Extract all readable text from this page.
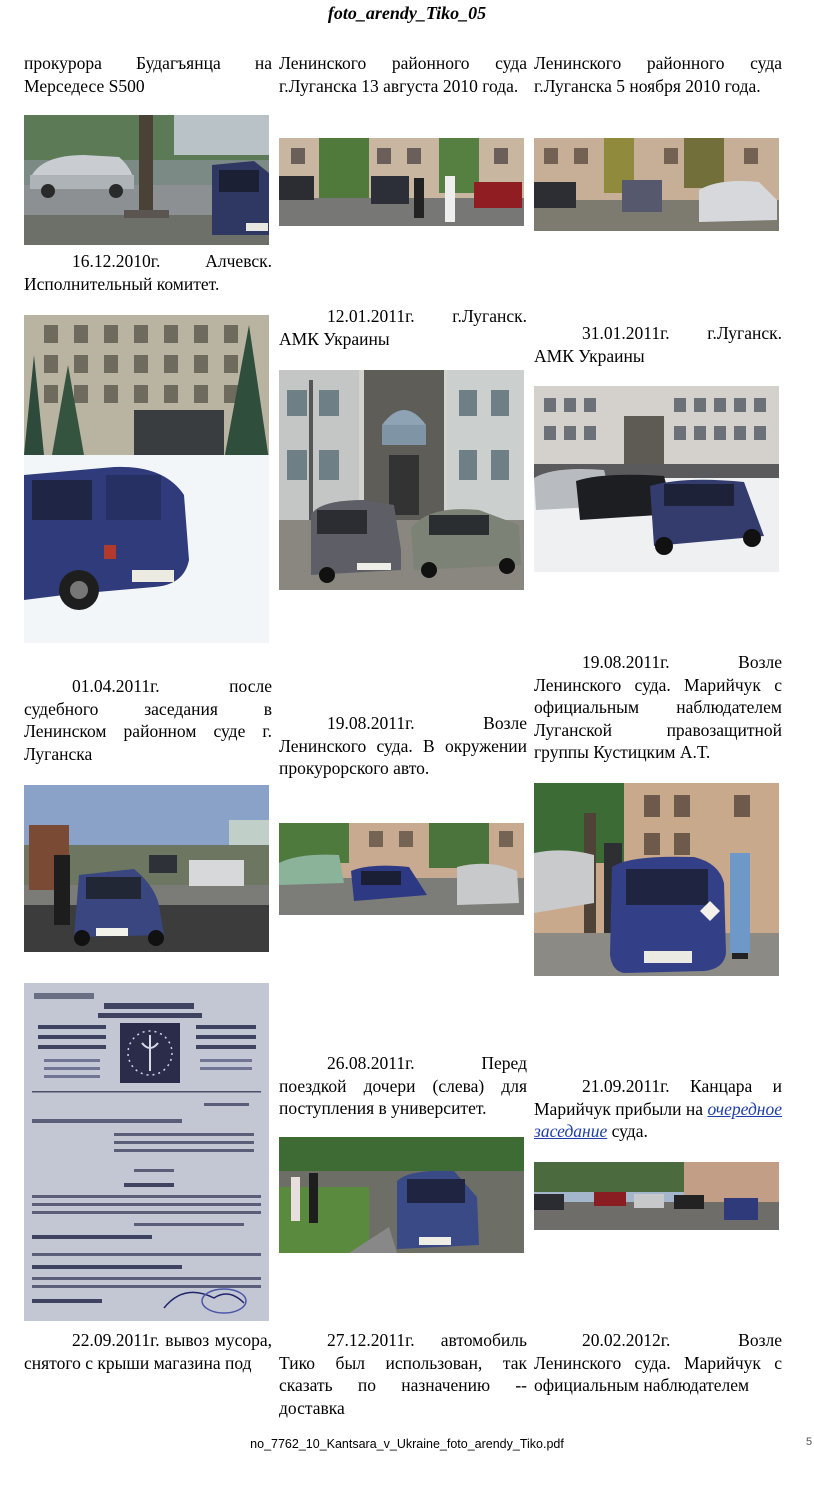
foto_arendy_Tiko_05
прокурора Будагъянца на Мерседесе S500
16.12.2010г. Алчевск. Исполнительный комитет.
01.04.2011г. после судебного заседания в Ленинском районном суде г. Луганска
22.09.2011г. вывоз мусора, снятого с крыши магазина под
Ленинского районного суда г.Луганска 13 августа 2010 года.
12.01.2011г. г.Луганск. АМК Украины
19.08.2011г. Возле Ленинского суда. В окружении прокурорского авто.
26.08.2011г. Перед поездкой дочери (слева) для поступления в университет.
27.12.2011г. автомобиль Тико был использован, так сказать по назначению -- доставка
Ленинского районного суда г.Луганска 5 ноября 2010 года.
31.01.2011г. г.Луганск. АМК Украины
19.08.2011г. Возле Ленинского суда. Марийчук с официальным наблюдателем Луганской правозащитной группы Кустицким А.Т.
21.09.2011г. Канцара и Марийчук прибыли на очередное заседание суда.
20.02.2012г. Возле Ленинского суда. Марийчук с официальным наблюдателем
no_7762_10_Kantsara_v_Ukraine_foto_arendy_Tiko.pdf	5
